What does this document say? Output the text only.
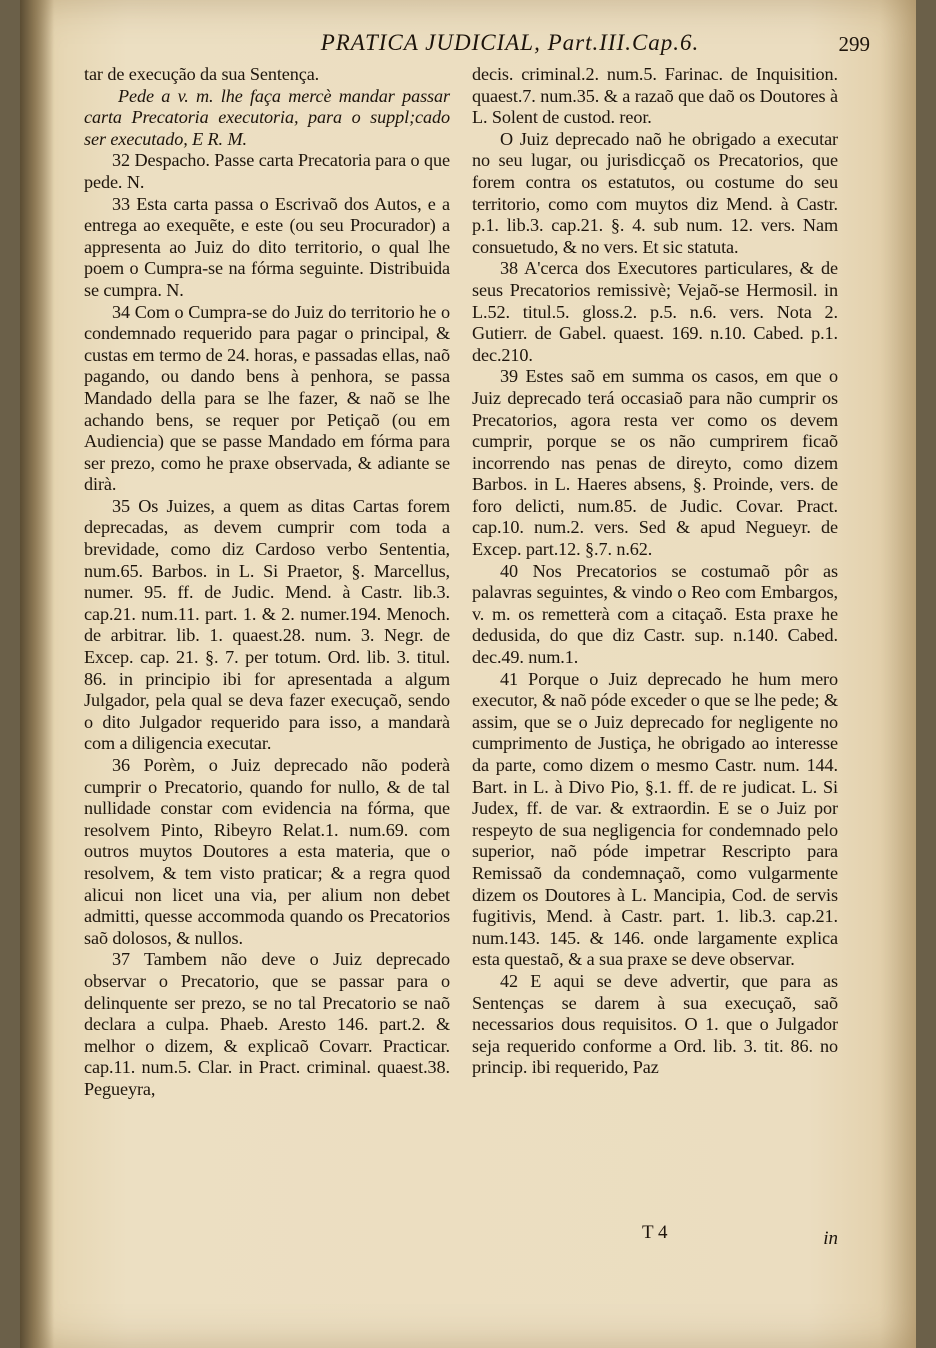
PRATICA JUDICIAL, Part.III.Cap.6.	299

tar de execução da sua Sentença.

Pede a v. m. lhe faça mercè mandar passar carta Precatoria executoria, para o suppl;cado ser executado, E R. M.

32 Despacho. Passe carta Precatoria para o que pede. N.

33 Esta carta passa o Escrivaõ dos Autos, e a entrega ao exequẽte, e este (ou seu Procurador) a appresenta ao Juiz do dito territorio, o qual lhe poem o Cumpra-se na fórma seguinte. Distribuida se cumpra. N.

34 Com o Cumpra-se do Juiz do territorio he o condemnado requerido para pagar o principal, & custas em termo de 24. horas, e passadas ellas, naõ pagando, ou dando bens à penhora, se passa Mandado della para se lhe fazer, & naõ se lhe achando bens, se requer por Petiçaõ (ou em Audiencia) que se passe Mandado em fórma para ser prezo, como he praxe observada, & adiante se dirà.

35 Os Juizes, a quem as ditas Cartas forem deprecadas, as devem cumprir com toda a brevidade, como diz Cardoso verbo Sententia, num.65. Barbos. in L. Si Praetor, §. Marcellus, numer. 95. ff. de Judic. Mend. à Castr. lib.3. cap.21. num.11. part. 1. & 2. numer.194. Menoch. de arbitrar. lib. 1. quaest.28. num. 3. Negr. de Excep. cap. 21. §. 7. per totum. Ord. lib. 3. titul. 86. in principio ibi for apresentada a algum Julgador, pela qual se deva fazer execuçaõ, sendo o dito Julgador requerido para isso, a mandarà com a diligencia executar.

36 Porèm, o Juiz deprecado não poderà cumprir o Precatorio, quando for nullo, & de tal nullidade constar com evidencia na fórma, que resolvem Pinto, Ribeyro Relat.1. num.69. com outros muytos Doutores a esta materia, que o resolvem, & tem visto praticar; & a regra quod alicui non licet una via, per alium non debet admitti, quesse accommoda quando os Precatorios saõ dolosos, & nullos.

37 Tambem não deve o Juiz deprecado observar o Precatorio, que se passar para o delinquente ser prezo, se no tal Precatorio se naõ declara a culpa. Phaeb. Aresto 146. part.2. & melhor o dizem, & explicaõ Covarr. Practicar. cap.11. num.5. Clar. in Pract. criminal. quaest.38. Pegueyra,

decis. criminal.2. num.5. Farinac. de Inquisition. quaest.7. num.35. & a razaõ que daõ os Doutores à L. Solent de custod. reor.

O Juiz deprecado naõ he obrigado a executar no seu lugar, ou jurisdicçaõ os Precatorios, que forem contra os estatutos, ou costume do seu territorio, como com muytos diz Mend. à Castr. p.1. lib.3. cap.21. §. 4. sub num. 12. vers. Nam consuetudo, & no vers. Et sic statuta.

38 A'cerca dos Executores particulares, & de seus Precatorios remissivè; Vejaõ-se Hermosil. in L.52. titul.5. gloss.2. p.5. n.6. vers. Nota 2. Gutierr. de Gabel. quaest. 169. n.10. Cabed. p.1. dec.210.

39 Estes saõ em summa os casos, em que o Juiz deprecado terá occasiaõ para não cumprir os Precatorios, agora resta ver como os devem cumprir, porque se os não cumprirem ficaõ incorrendo nas penas de direyto, como dizem Barbos. in L. Haeres absens, §. Proinde, vers. de foro delicti, num.85. de Judic. Covar. Pract. cap.10. num.2. vers. Sed & apud Negueyr. de Excep. part.12. §.7. n.62.

40 Nos Precatorios se costumaõ pôr as palavras seguintes, & vindo o Reo com Embargos, v. m. os remetterà com a citaçaõ. Esta praxe he dedusida, do que diz Castr. sup. n.140. Cabed. dec.49. num.1.

41 Porque o Juiz deprecado he hum mero executor, & naõ póde exceder o que se lhe pede; & assim, que se o Juiz deprecado for negligente no cumprimento de Justiça, he obrigado ao interesse da parte, como dizem o mesmo Castr. num. 144. Bart. in L. à Divo Pio, §.1. ff. de re judicat. L. Si Judex, ff. de var. & extraordin. E se o Juiz por respeyto de sua negligencia for condemnado pelo superior, naõ póde impetrar Rescripto para Remissaõ da condemnaçaõ, como vulgarmente dizem os Doutores à L. Mancipia, Cod. de servis fugitivis, Mend. à Castr. part. 1. lib.3. cap.21. num.143. 145. & 146. onde largamente explica esta questaõ, & a sua praxe se deve observar.

42 E aqui se deve advertir, que para as Sentenças se darem à sua execuçaõ, saõ necessarios dous requisitos. O 1. que o Julgador seja requerido conforme a Ord. lib. 3. tit. 86. no princip. ibi requerido, Paz

T 4	in
